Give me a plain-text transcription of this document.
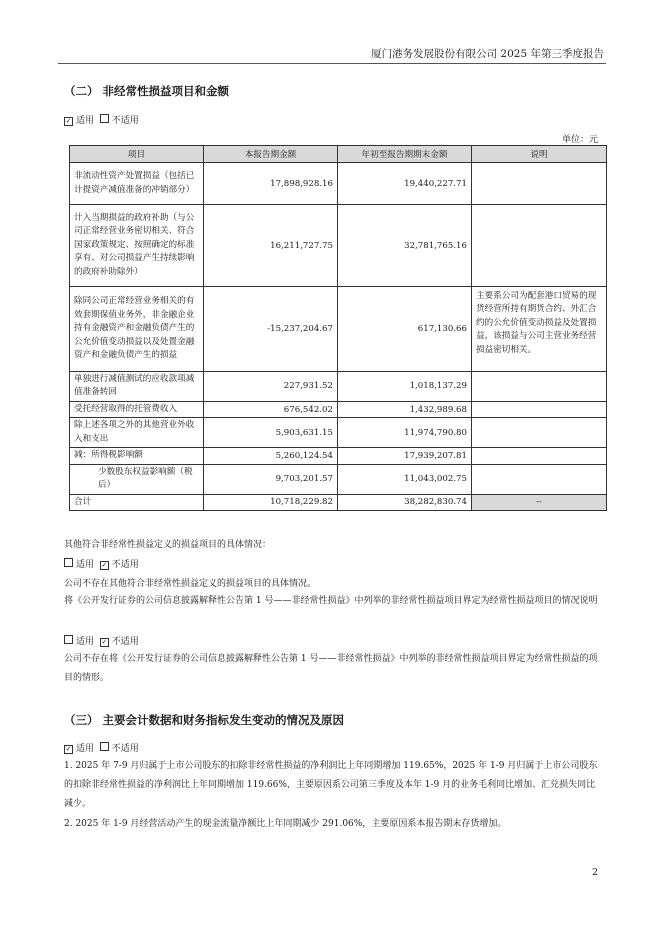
厦门港务发展股份有限公司 2025 年第三季度报告
（二） 非经常性损益项目和金额
✓ 适用 不适用
单位：元
项目	本报告期金额	年初至报告期期末金额	说明
非流动性资产处置损益（包括已计提资产减值准备的冲销部分）	17,898,928.16	19,440,227.71	
计入当期损益的政府补助（与公司正常经营业务密切相关、符合国家政策规定、按照确定的标准享有、对公司损益产生持续影响的政府补助除外）	16,211,727.75	32,781,765.16	
除同公司正常经营业务相关的有效套期保值业务外，非金融企业持有金融资产和金融负债产生的公允价值变动损益以及处置金融资产和金融负债产生的损益	-15,237,204.67	617,130.66	主要系公司为配套港口贸易的现货经营所持有期货合约、外汇合约的公允价值变动损益及处置损益，该损益与公司主营业务经营损益密切相关。
单独进行减值测试的应收款项减值准备转回	227,931.52	1,018,137.29	
受托经营取得的托管费收入	676,542.02	1,432,989.68	
除上述各项之外的其他营业外收入和支出	5,903,631.15	11,974,790.80	
减：所得税影响额	5,260,124.54	17,939,207.81	
少数股东权益影响额（税后）	9,703,201.57	11,043,002.75	
合计	10,718,229.82	38,282,830.74	--
其他符合非经常性损益定义的损益项目的具体情况：
适用 ✓ 不适用
公司不存在其他符合非经常性损益定义的损益项目的具体情况。
将《公开发行证券的公司信息披露解释性公告第 1 号——非经常性损益》中列举的非经常性损益项目界定为经常性损益项目的情况说明
适用 ✓ 不适用
公司不存在将《公开发行证券的公司信息披露解释性公告第 1 号——非经常性损益》中列举的非经常性损益项目界定为经常性损益的项目的情形。
（三） 主要会计数据和财务指标发生变动的情况及原因
✓ 适用 不适用
1. 2025 年 7-9 月归属于上市公司股东的扣除非经常性损益的净利润比上年同期增加 119.65%，2025 年 1-9 月归属于上市公司股东的扣除非经常性损益的净利润比上年同期增加 119.66%，主要原因系公司第三季度及本年 1-9 月的业务毛利同比增加、汇兑损失同比减少。
2. 2025 年 1-9 月经营活动产生的现金流量净额比上年同期减少 291.06%，主要原因系本报告期末存货增加。
2
